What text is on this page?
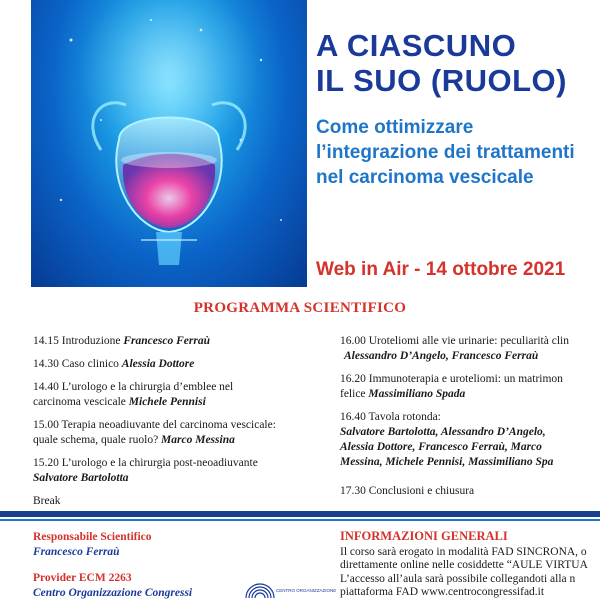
A CIASCUNO
IL SUO (RUOLO)
Come ottimizzare
l’integrazione dei trattamenti
nel carcinoma vescicale
Web in Air - 14 ottobre 2021
PROGRAMMA SCIENTIFICO
14.15 Introduzione Francesco Ferraù
14.30 Caso clinico Alessia Dottore
14.40 L’urologo e la chirurgia d’emblee nel
carcinoma vescicale Michele Pennisi
15.00 Terapia neoadiuvante del carcinoma vescicale:
quale schema, quale ruolo? Marco Messina
15.20 L’urologo e la chirurgia post-neoadiuvante
Salvatore Bartolotta
Break
16.00 Uroteliomi alle vie urinarie: peculiarità clin
Alessandro D’Angelo, Francesco Ferraù
16.20 Immunoterapia e uroteliomi: un matrimon
felice Massimiliano Spada
16.40 Tavola rotonda:
Salvatore Bartolotta, Alessandro D’Angelo,
Alessia Dottore, Francesco Ferraù, Marco
Messina, Michele Pennisi, Massimiliano Spa
17.30 Conclusioni e chiusura
Responsabile Scientifico
Francesco Ferraù
Provider ECM 2263
Centro Organizzazione Congressi	CENTRO ORGANIZZAZIONE
INFORMAZIONI GENERALI
Il corso sarà erogato in modalità FAD SINCRONA, o
direttamente online nelle cosiddette “AULE VIRTUA
L’accesso all’aula sarà possibile collegandoti alla n
piattaforma FAD www.centrocongressifad.it
